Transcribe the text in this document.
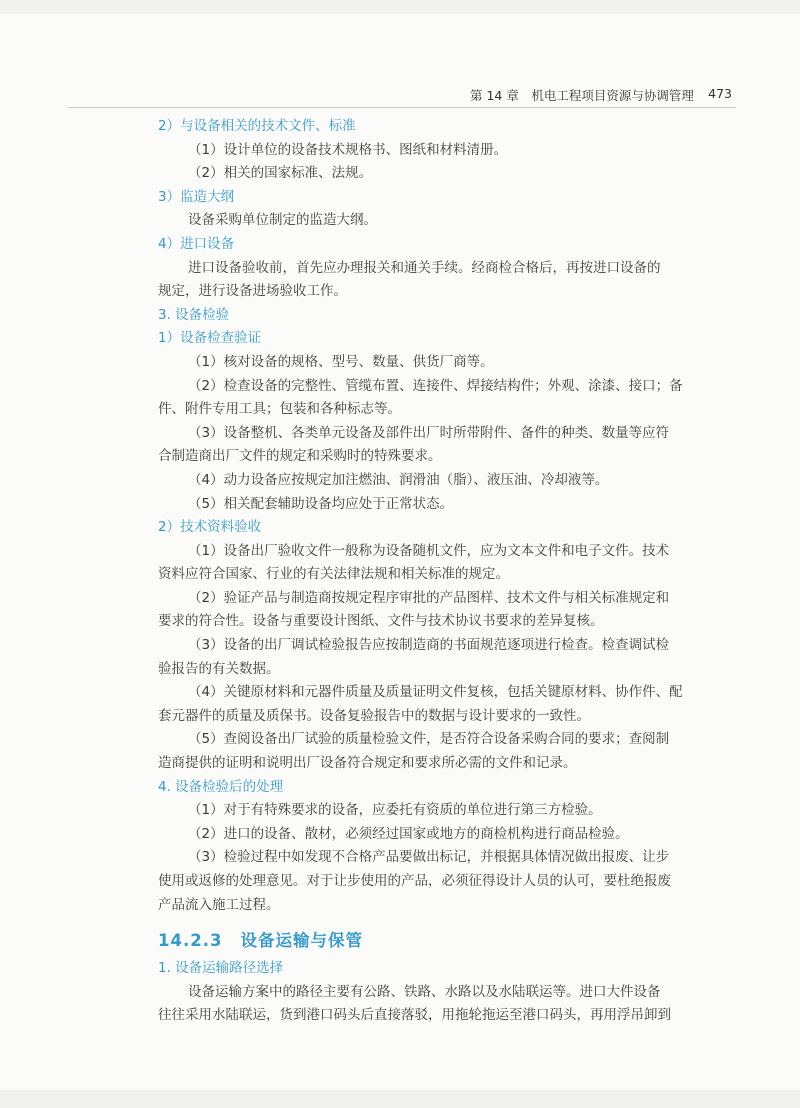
第 14 章　机电工程项目资源与协调管理 473
2）与设备相关的技术文件、标准
（1）设计单位的设备技术规格书、图纸和材料清册。
（2）相关的国家标准、法规。
3）监造大纲
设备采购单位制定的监造大纲。
4）进口设备
进口设备验收前，首先应办理报关和通关手续。经商检合格后，再按进口设备的
规定，进行设备进场验收工作。
3. 设备检验
1）设备检查验证
（1）核对设备的规格、型号、数量、供货厂商等。
（2）检查设备的完整性、管缆布置、连接件、焊接结构件；外观、涂漆、接口；备
件、附件专用工具；包装和各种标志等。
（3）设备整机、各类单元设备及部件出厂时所带附件、备件的种类、数量等应符
合制造商出厂文件的规定和采购时的特殊要求。
（4）动力设备应按规定加注燃油、润滑油（脂）、液压油、冷却液等。
（5）相关配套辅助设备均应处于正常状态。
2）技术资料验收
（1）设备出厂验收文件一般称为设备随机文件，应为文本文件和电子文件。技术
资料应符合国家、行业的有关法律法规和相关标准的规定。
（2）验证产品与制造商按规定程序审批的产品图样、技术文件与相关标准规定和
要求的符合性。设备与重要设计图纸、文件与技术协议书要求的差异复核。
（3）设备的出厂调试检验报告应按制造商的书面规范逐项进行检查。检查调试检
验报告的有关数据。
（4）关键原材料和元器件质量及质量证明文件复核，包括关键原材料、协作件、配
套元器件的质量及质保书。设备复验报告中的数据与设计要求的一致性。
（5）查阅设备出厂试验的质量检验文件，是否符合设备采购合同的要求；查阅制
造商提供的证明和说明出厂设备符合规定和要求所必需的文件和记录。
4. 设备检验后的处理
（1）对于有特殊要求的设备，应委托有资质的单位进行第三方检验。
（2）进口的设备、散材，必须经过国家或地方的商检机构进行商品检验。
（3）检验过程中如发现不合格产品要做出标记，并根据具体情况做出报废、让步
使用或返修的处理意见。对于让步使用的产品，必须征得设计人员的认可，要杜绝报废
产品流入施工过程。
14.2.3 设备运输与保管
1. 设备运输路径选择
设备运输方案中的路径主要有公路、铁路、水路以及水陆联运等。进口大件设备
往往采用水陆联运，货到港口码头后直接落驳，用拖轮拖运至港口码头，再用浮吊卸到
